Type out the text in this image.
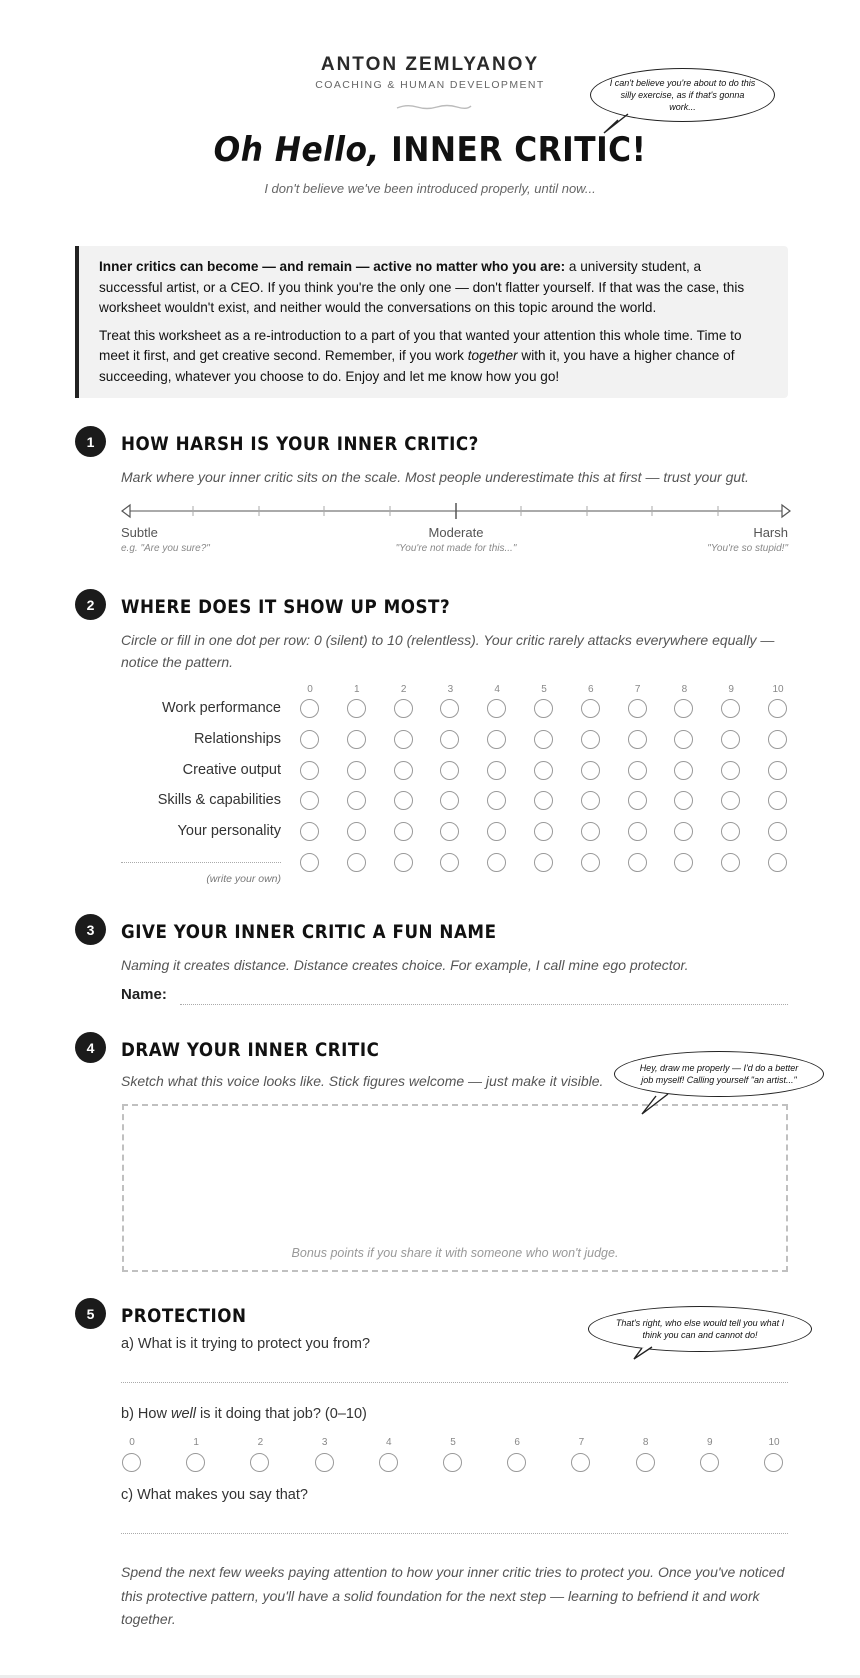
ANTON ZEMLYANOY
COACHING & HUMAN DEVELOPMENT
Oh Hello, INNER CRITIC!
I don't believe we've been introduced properly, until now...
I can't believe you're about to do this silly exercise, as if that's gonna work...

Inner critics can become — and remain — active no matter who you are: a university student, a successful artist, or a CEO. If you think you're the only one — don't flatter yourself. If that was the case, this worksheet wouldn't exist, and neither would the conversations on this topic around the world.

Treat this worksheet as a re-introduction to a part of you that wanted your attention this whole time. Time to meet it first, and get creative second. Remember, if you work together with it, you have a higher chance of succeeding, whatever you choose to do. Enjoy and let me know how you go!

1	HOW HARSH IS YOUR INNER CRITIC?
Mark where your inner critic sits on the scale. Most people underestimate this at first — trust your gut.
Subtle
e.g. "Are you sure?"
Moderate
"You're not made for this..."
Harsh
"You're so stupid!"
2	WHERE DOES IT SHOW UP MOST?
Circle or fill in one dot per row: 0 (silent) to 10 (relentless). Your critic rarely attacks everywhere equally — notice the pattern.
0	1	2	3	4	5	6	7	8	9	10
Work performance
Relationships
Creative output
Skills & capabilities
Your personality
(write your own)
3	GIVE YOUR INNER CRITIC A FUN NAME
Naming it creates distance. Distance creates choice. For example, I call mine ego protector.
Name:
4	DRAW YOUR INNER CRITIC
Sketch what this voice looks like. Stick figures welcome — just make it visible.
Bonus points if you share it with someone who won't judge.
Hey, draw me properly — I'd do a better job myself! Calling yourself "an artist..."
5	PROTECTION
a) What is it trying to protect you from?
That's right, who else would tell you what I think you can and cannot do!
b) How well is it doing that job? (0–10)
0	1	2	3	4	5	6	7	8	9	10
c) What makes you say that?
Spend the next few weeks paying attention to how your inner critic tries to protect you. Once you've noticed this protective pattern, you'll have a solid foundation for the next step — learning to befriend it and work together.
